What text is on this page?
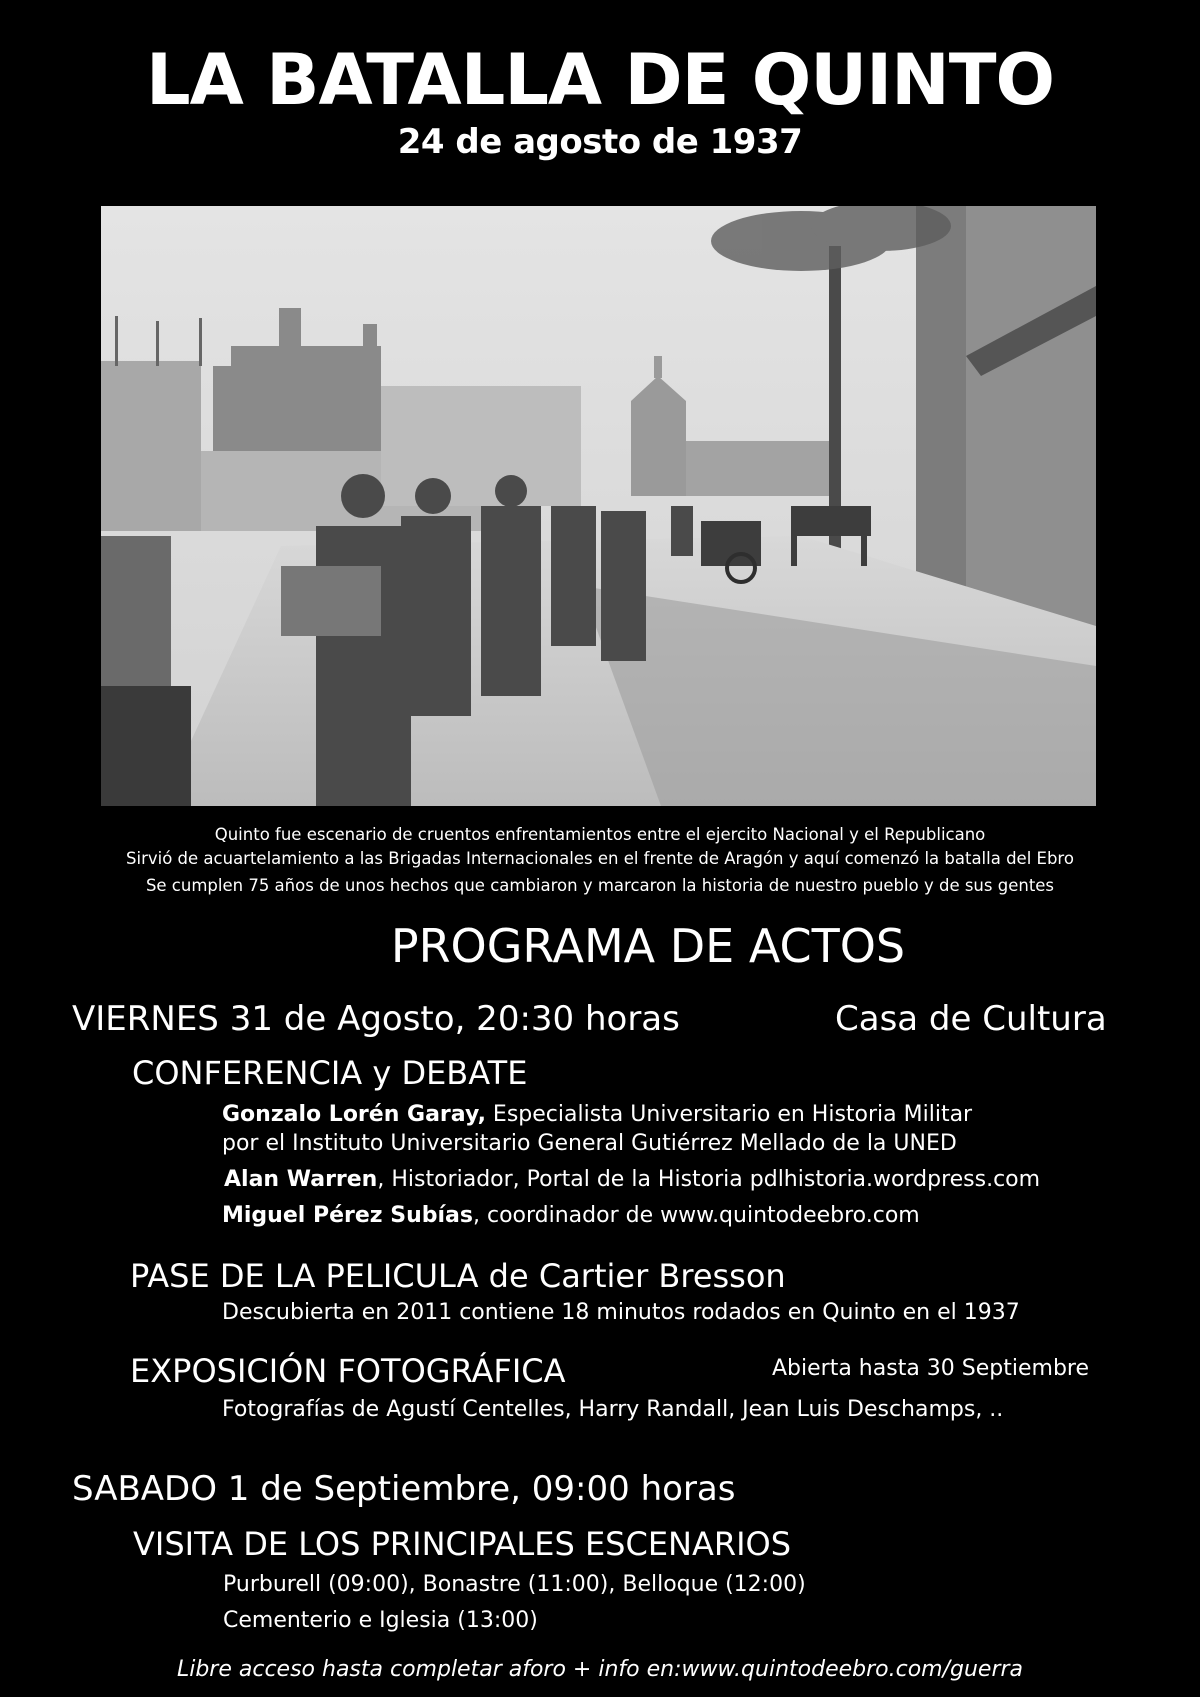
LA BATALLA DE QUINTO
24 de agosto de 1937
Quinto fue escenario de cruentos enfrentamientos entre el ejercito Nacional y el Republicano
Sirvió de acuartelamiento a las Brigadas Internacionales en el frente de Aragón y aquí comenzó la batalla del Ebro
Se cumplen 75 años de unos hechos que cambiaron y marcaron la historia de nuestro pueblo y de sus gentes
PROGRAMA DE ACTOS
VIERNES 31 de Agosto, 20:30 horas	Casa de Cultura
CONFERENCIA y DEBATE
Gonzalo Lorén Garay, Especialista Universitario en Historia Militar
por el Instituto Universitario General Gutiérrez Mellado de la UNED
Alan Warren, Historiador, Portal de la Historia pdlhistoria.wordpress.com
Miguel Pérez Subías, coordinador de www.quintodeebro.com
PASE DE LA PELICULA de Cartier Bresson
Descubierta en 2011 contiene 18 minutos rodados en Quinto en el 1937
EXPOSICIÓN FOTOGRÁFICA	Abierta hasta 30 Septiembre
Fotografías de Agustí Centelles, Harry Randall, Jean Luis Deschamps, ..
SABADO 1 de Septiembre, 09:00 horas
VISITA DE LOS PRINCIPALES ESCENARIOS
Purburell (09:00), Bonastre (11:00), Belloque (12:00)
Cementerio e Iglesia (13:00)
Libre acceso hasta completar aforo + info en:www.quintodeebro.com/guerra
